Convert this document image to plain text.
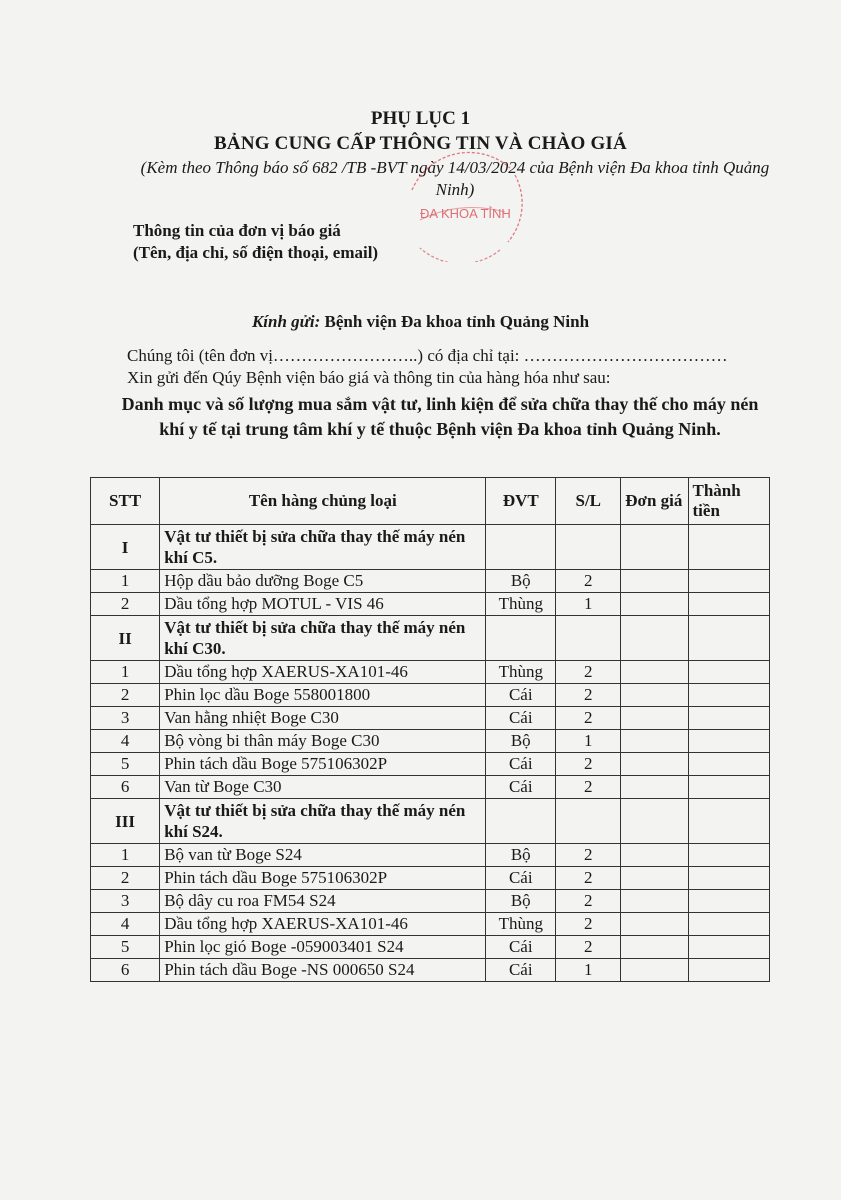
PHỤ LỤC 1
BẢNG CUNG CẤP THÔNG TIN VÀ CHÀO GIÁ
(Kèm theo Thông báo số 682 /TB -BVT ngày 14/03/2024 của Bệnh viện Đa khoa tỉnh Quảng Ninh)
ĐA KHOA TỈNH
Thông tin của đơn vị báo giá
(Tên, địa chỉ, số điện thoại, email)
Kính gửi: Bệnh viện Đa khoa tỉnh Quảng Ninh
Chúng tôi (tên đơn vị……………………..) có địa chỉ tại: ………………………………
Xin gửi đến Qúy Bệnh viện báo giá và thông tin của hàng hóa như sau:
Danh mục và số lượng mua sắm vật tư, linh kiện để sửa chữa thay thế cho máy nén khí y tế tại trung tâm khí y tế thuộc Bệnh viện Đa khoa tỉnh Quảng Ninh.
STT	Tên hàng chủng loại	ĐVT	S/L	Đơn giá	Thành tiền
I	Vật tư thiết bị sửa chữa thay thế máy nén khí C5.				
1	Hộp dầu bảo dưỡng Boge C5	Bộ	2		
2	Dầu tổng hợp MOTUL - VIS 46	Thùng	1		
II	Vật tư thiết bị sửa chữa thay thế máy nén khí C30.				
1	Dầu tổng hợp XAERUS-XA101-46	Thùng	2		
2	Phin lọc dầu Boge 558001800	Cái	2		
3	Van hằng nhiệt Boge C30	Cái	2		
4	Bộ vòng bi thân máy Boge C30	Bộ	1		
5	Phin tách dầu Boge 575106302P	Cái	2		
6	Van từ Boge C30	Cái	2		
III	Vật tư thiết bị sửa chữa thay thế máy nén khí S24.				
1	Bộ van từ Boge S24	Bộ	2		
2	Phin tách dầu Boge 575106302P	Cái	2		
3	Bộ dây cu roa FM54 S24	Bộ	2		
4	Dầu tổng hợp XAERUS-XA101-46	Thùng	2		
5	Phin lọc gió Boge -059003401 S24	Cái	2		
6	Phin tách dầu Boge -NS 000650 S24	Cái	1		
